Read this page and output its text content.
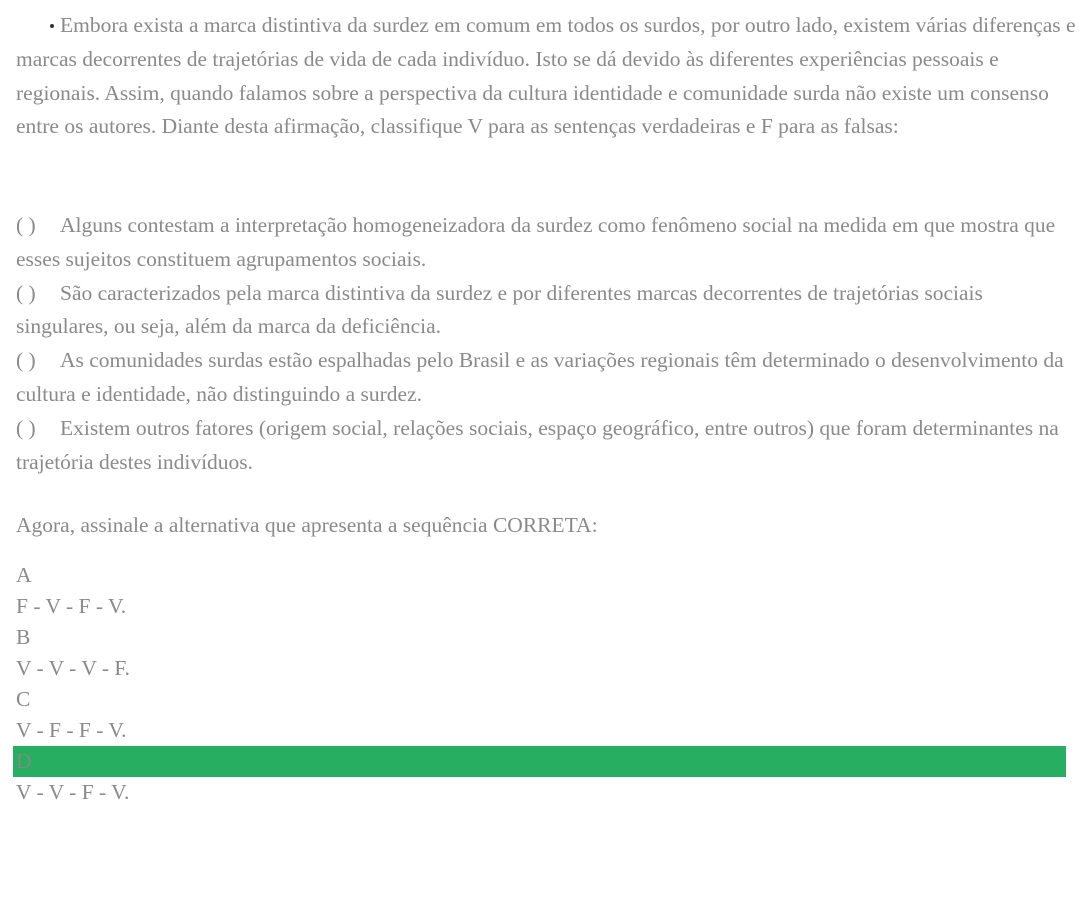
Embora exista a marca distintiva da surdez em comum em todos os surdos, por outro lado, existem várias diferenças e marcas decorrentes de trajetórias de vida de cada indivíduo. Isto se dá devido às diferentes experiências pessoais e regionais. Assim, quando falamos sobre a perspectiva da cultura identidade e comunidade surda não existe um consenso entre os autores. Diante desta afirmação, classifique V para as sentenças verdadeiras e F para as falsas:

( ) Alguns contestam a interpretação homogeneizadora da surdez como fenômeno social na medida em que mostra que esses sujeitos constituem agrupamentos sociais.

( ) São caracterizados pela marca distintiva da surdez e por diferentes marcas decorrentes de trajetórias sociais singulares, ou seja, além da marca da deficiência.

( ) As comunidades surdas estão espalhadas pelo Brasil e as variações regionais têm determinado o desenvolvimento da cultura e identidade, não distinguindo a surdez.

( ) Existem outros fatores (origem social, relações sociais, espaço geográfico, entre outros) que foram determinantes na trajetória destes indivíduos.

Agora, assinale a alternativa que apresenta a sequência CORRETA:
A
F - V - F - V.
B
V - V - V - F.
C
V - F - F - V.
D
V - V - F - V.
